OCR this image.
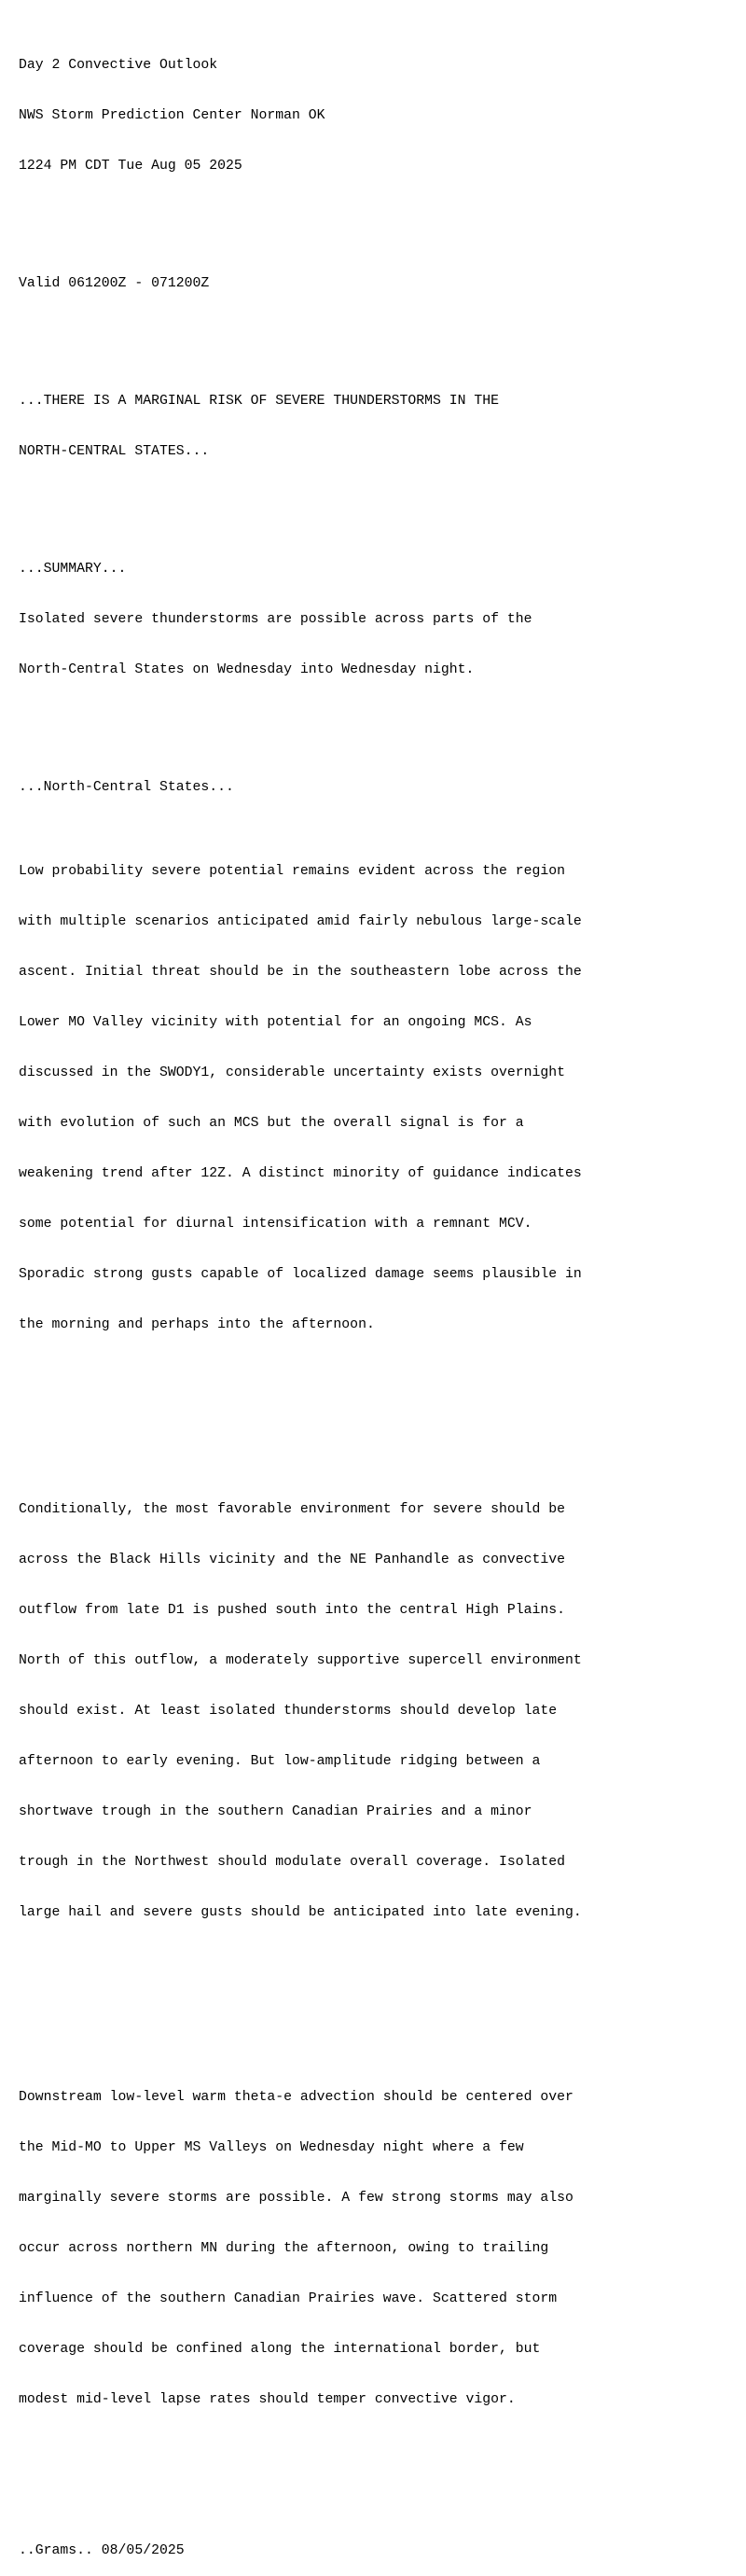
Day 2 Convective Outlook

NWS Storm Prediction Center Norman OK

1224 PM CDT Tue Aug 05 2025

Valid 061200Z - 071200Z

...THERE IS A MARGINAL RISK OF SEVERE THUNDERSTORMS IN THE

NORTH-CENTRAL STATES...

...SUMMARY...

Isolated severe thunderstorms are possible across parts of the

North-Central States on Wednesday into Wednesday night.

...North-Central States...

Low probability severe potential remains evident across the region

with multiple scenarios anticipated amid fairly nebulous large-scale

ascent. Initial threat should be in the southeastern lobe across the

Lower MO Valley vicinity with potential for an ongoing MCS. As

discussed in the SWODY1, considerable uncertainty exists overnight

with evolution of such an MCS but the overall signal is for a

weakening trend after 12Z. A distinct minority of guidance indicates

some potential for diurnal intensification with a remnant MCV.

Sporadic strong gusts capable of localized damage seems plausible in

the morning and perhaps into the afternoon.

Conditionally, the most favorable environment for severe should be

across the Black Hills vicinity and the NE Panhandle as convective

outflow from late D1 is pushed south into the central High Plains.

North of this outflow, a moderately supportive supercell environment

should exist. At least isolated thunderstorms should develop late

afternoon to early evening. But low-amplitude ridging between a

shortwave trough in the southern Canadian Prairies and a minor

trough in the Northwest should modulate overall coverage. Isolated

large hail and severe gusts should be anticipated into late evening.

Downstream low-level warm theta-e advection should be centered over

the Mid-MO to Upper MS Valleys on Wednesday night where a few

marginally severe storms are possible. A few strong storms may also

occur across northern MN during the afternoon, owing to trailing

influence of the southern Canadian Prairies wave. Scattered storm

coverage should be confined along the international border, but

modest mid-level lapse rates should temper convective vigor.

..Grams.. 08/05/2025
